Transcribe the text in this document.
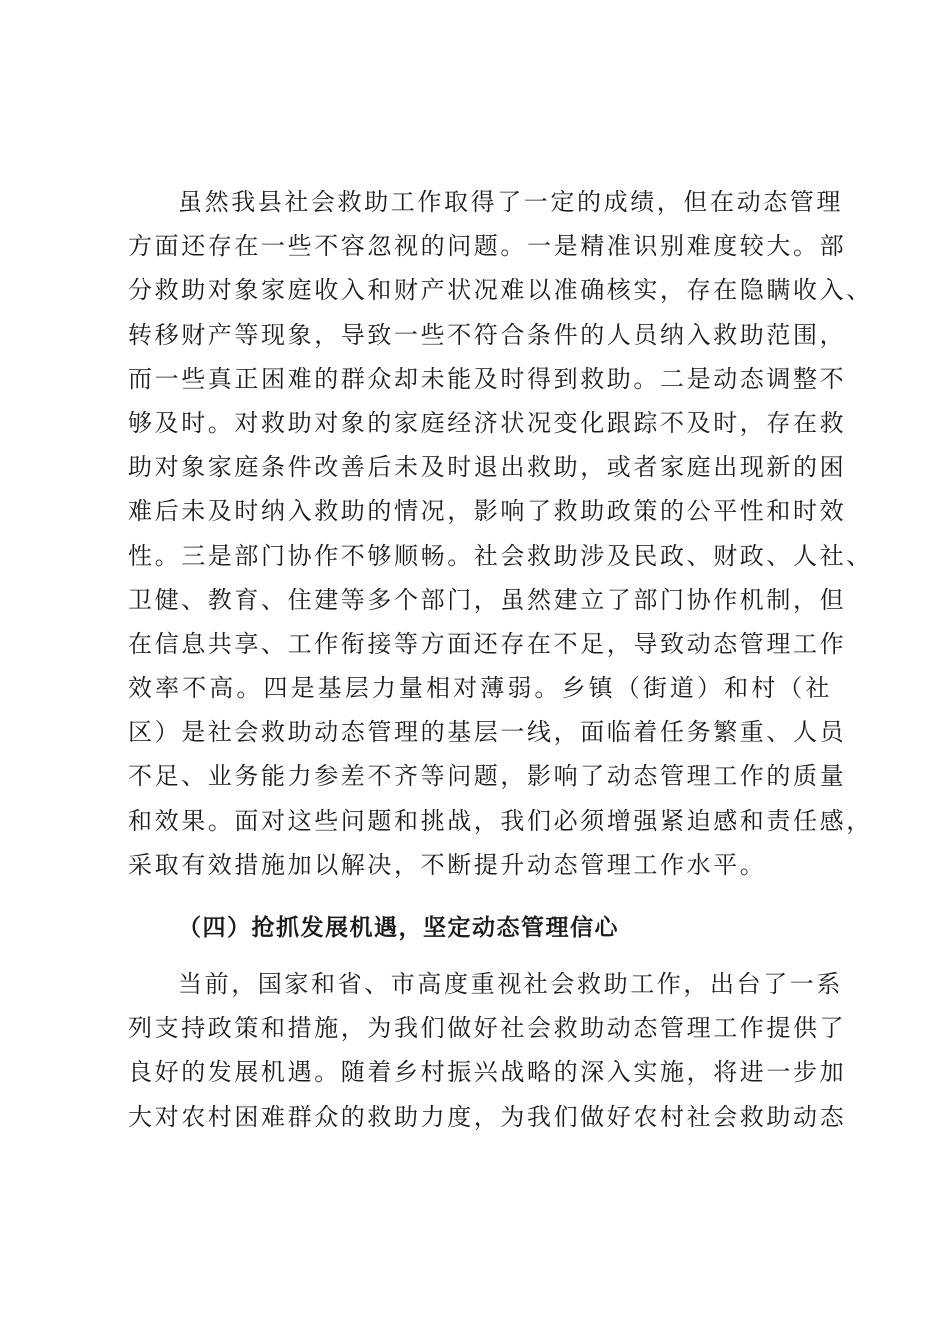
虽然我县社会救助工作取得了一定的成绩，但在动态管理
方面还存在一些不容忽视的问题。一是精准识别难度较大。部
分救助对象家庭收入和财产状况难以准确核实，存在隐瞒收入、
转移财产等现象，导致一些不符合条件的人员纳入救助范围，
而一些真正困难的群众却未能及时得到救助。二是动态调整不
够及时。对救助对象的家庭经济状况变化跟踪不及时，存在救
助对象家庭条件改善后未及时退出救助，或者家庭出现新的困
难后未及时纳入救助的情况，影响了救助政策的公平性和时效
性。三是部门协作不够顺畅。社会救助涉及民政、财政、人社、
卫健、教育、住建等多个部门，虽然建立了部门协作机制，但
在信息共享、工作衔接等方面还存在不足，导致动态管理工作
效率不高。四是基层力量相对薄弱。乡镇（街道）和村（社
区）是社会救助动态管理的基层一线，面临着任务繁重、人员
不足、业务能力参差不齐等问题，影响了动态管理工作的质量
和效果。面对这些问题和挑战，我们必须增强紧迫感和责任感，
采取有效措施加以解决，不断提升动态管理工作水平。
（四）抢抓发展机遇，坚定动态管理信心
当前，国家和省、市高度重视社会救助工作，出台了一系
列支持政策和措施，为我们做好社会救助动态管理工作提供了
良好的发展机遇。随着乡村振兴战略的深入实施，将进一步加
大对农村困难群众的救助力度，为我们做好农村社会救助动态
